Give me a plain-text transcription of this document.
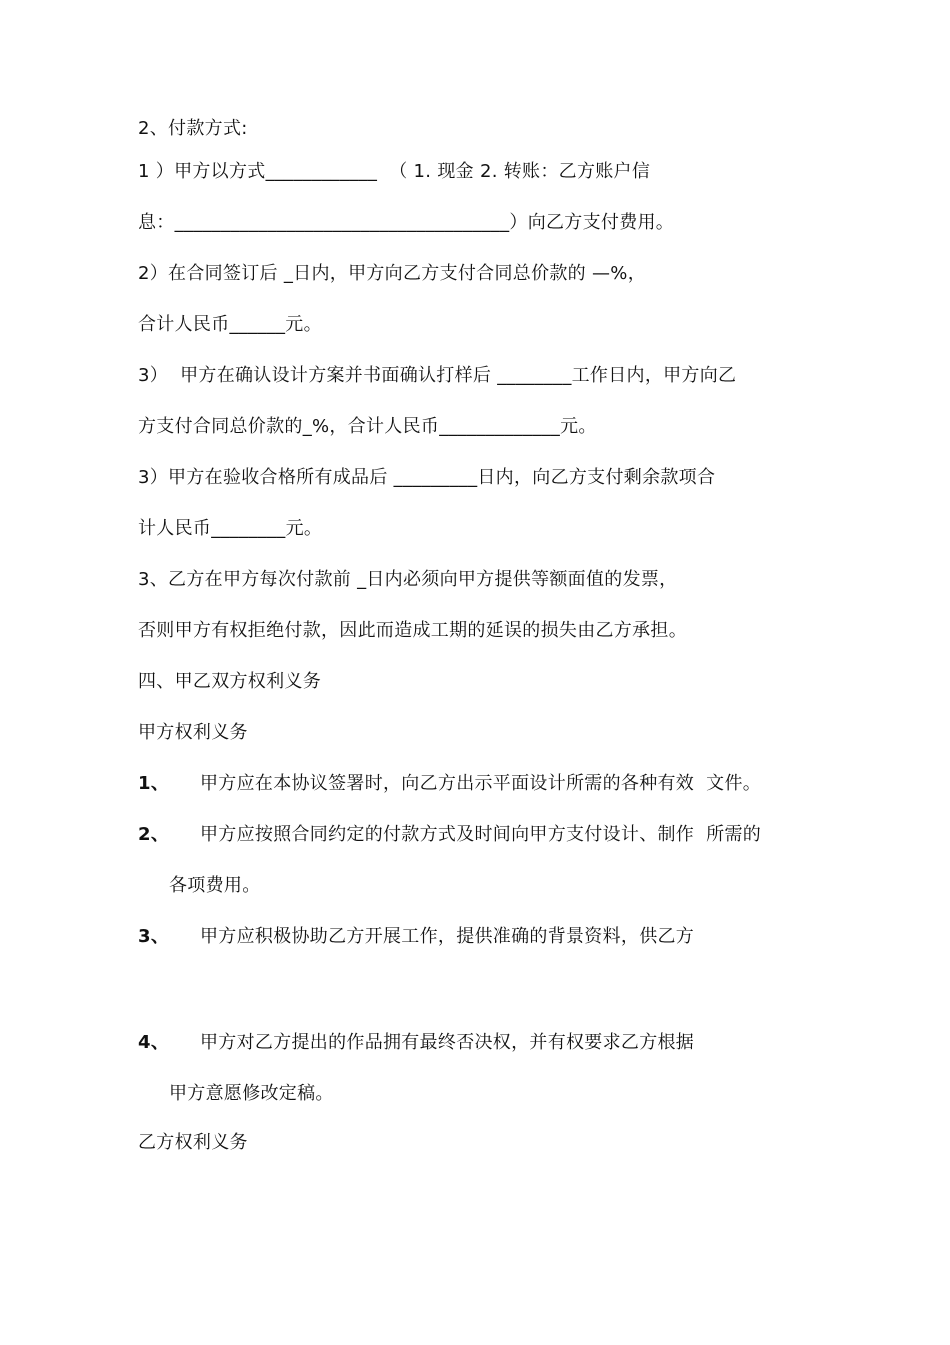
2、付款方式:
1 ）甲方以方式____________  （ 1. 现金 2. 转账：乙方账户信
息：____________________________________）向乙方支付费用。
2）在合同签订后 _日内，甲方向乙方支付合同总价款的 —%，
合计人民币______元。
3）  甲方在确认设计方案并书面确认打样后 ________工作日内，甲方向乙
方支付合同总价款的_%，合计人民币_____________元。
3）甲方在验收合格所有成品后 _________日内，向乙方支付剩余款项合
计人民币________元。
3、乙方在甲方每次付款前 _日内必须向甲方提供等额面值的发票，
否则甲方有权拒绝付款，因此而造成工期的延误的损失由乙方承担。
四、甲乙双方权利义务
甲方权利义务
1、 甲方应在本协议签署时，向乙方出示平面设计所需的各种有效  文件。
2、 甲方应按照合同约定的付款方式及时间向甲方支付设计、制作  所需的
各项费用。
3、 甲方应积极协助乙方开展工作，提供准确的背景资料，供乙方
4、 甲方对乙方提出的作品拥有最终否决权，并有权要求乙方根据
甲方意愿修改定稿。
乙方权利义务
